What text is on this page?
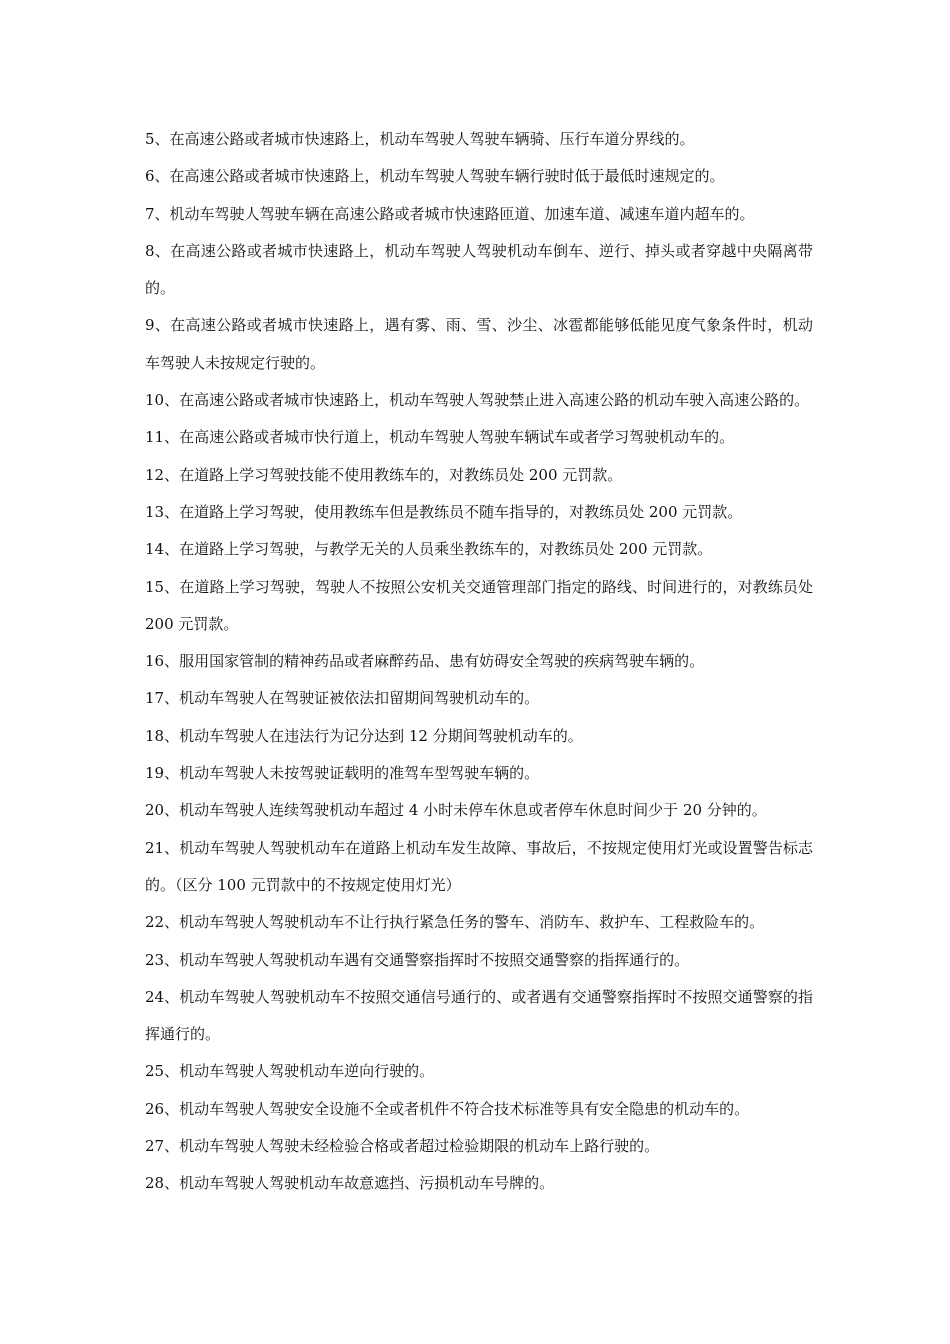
5、在高速公路或者城市快速路上，机动车驾驶人驾驶车辆骑、压行车道分界线的。

6、在高速公路或者城市快速路上，机动车驾驶人驾驶车辆行驶时低于最低时速规定的。

7、机动车驾驶人驾驶车辆在高速公路或者城市快速路匝道、加速车道、减速车道内超车的。

8、在高速公路或者城市快速路上，机动车驾驶人驾驶机动车倒车、逆行、掉头或者穿越中央隔离带的。

9、在高速公路或者城市快速路上，遇有雾、雨、雪、沙尘、冰雹都能够低能见度气象条件时，机动车驾驶人未按规定行驶的。

10、在高速公路或者城市快速路上，机动车驾驶人驾驶禁止进入高速公路的机动车驶入高速公路的。

11、在高速公路或者城市快行道上，机动车驾驶人驾驶车辆试车或者学习驾驶机动车的。

12、在道路上学习驾驶技能不使用教练车的，对教练员处 200 元罚款。

13、在道路上学习驾驶，使用教练车但是教练员不随车指导的，对教练员处 200 元罚款。

14、在道路上学习驾驶，与教学无关的人员乘坐教练车的，对教练员处 200 元罚款。

15、在道路上学习驾驶，驾驶人不按照公安机关交通管理部门指定的路线、时间进行的，对教练员处 200 元罚款。

16、服用国家管制的精神药品或者麻醉药品、患有妨碍安全驾驶的疾病驾驶车辆的。

17、机动车驾驶人在驾驶证被依法扣留期间驾驶机动车的。

18、机动车驾驶人在违法行为记分达到 12 分期间驾驶机动车的。

19、机动车驾驶人未按驾驶证载明的准驾车型驾驶车辆的。

20、机动车驾驶人连续驾驶机动车超过 4 小时未停车休息或者停车休息时间少于 20 分钟的。

21、机动车驾驶人驾驶机动车在道路上机动车发生故障、事故后，不按规定使用灯光或设置警告标志的。（区分 100 元罚款中的不按规定使用灯光）

22、机动车驾驶人驾驶机动车不让行执行紧急任务的警车、消防车、救护车、工程救险车的。

23、机动车驾驶人驾驶机动车遇有交通警察指挥时不按照交通警察的指挥通行的。

24、机动车驾驶人驾驶机动车不按照交通信号通行的、或者遇有交通警察指挥时不按照交通警察的指挥通行的。

25、机动车驾驶人驾驶机动车逆向行驶的。

26、机动车驾驶人驾驶安全设施不全或者机件不符合技术标准等具有安全隐患的机动车的。

27、机动车驾驶人驾驶未经检验合格或者超过检验期限的机动车上路行驶的。

28、机动车驾驶人驾驶机动车故意遮挡、污损机动车号牌的。
